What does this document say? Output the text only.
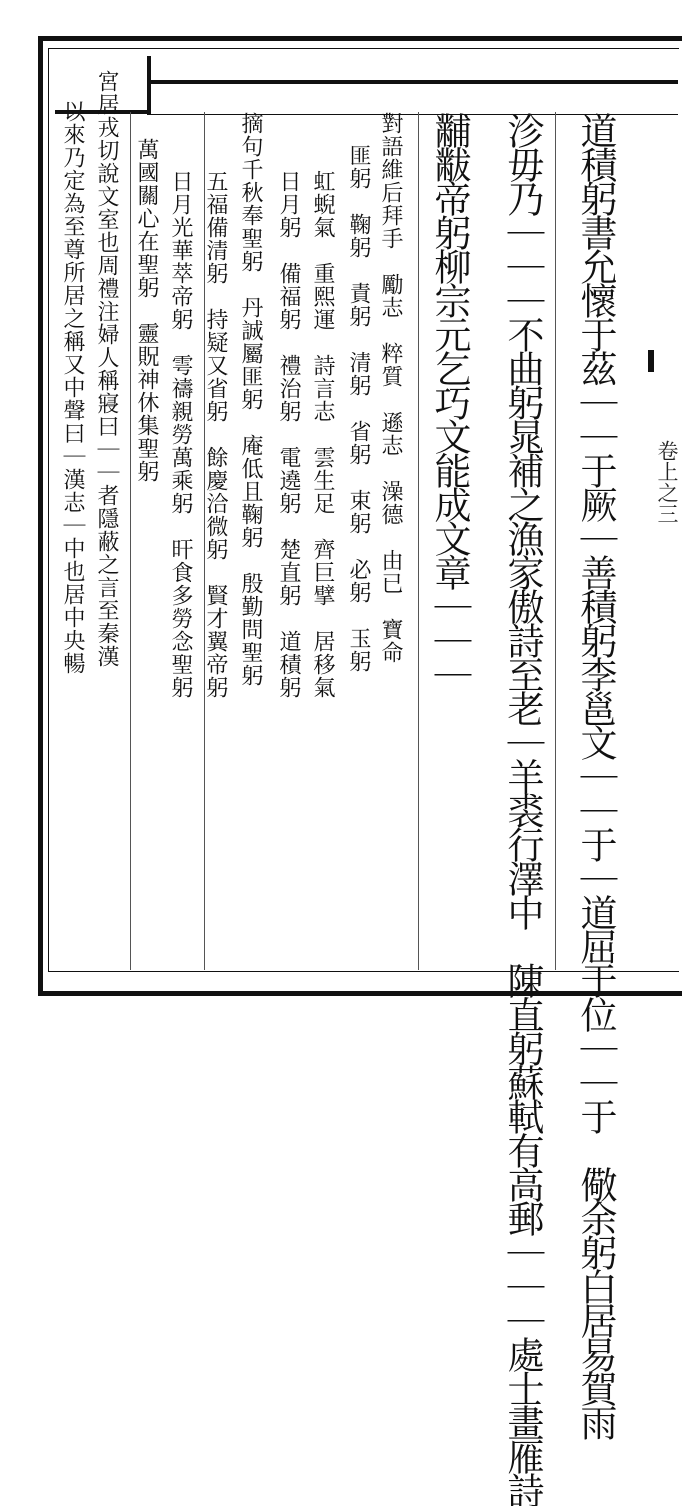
卷上之三
道積躬書允懷于茲｜｜于厥｜善積躬李邕文｜｜于｜道屈于位｜｜于　儆余躬白居易賀雨
沴毋乃｜｜｜不曲躬晁補之漁家傲詩至老｜羊裘行澤中　陳直躬蘇軾有高郵｜｜｜處士畫雁詩
黼黻帝躬柳宗元乞巧文能成文章｜｜｜
對語維后拜手　勵志　粹質　遜志　澡德　由已　寶命
匪躬　鞠躬　責躬　清躬　省躬　束躬　必躬　玉躬
虹蜺氣　重熙運　詩言志　雲生足　齊巨擘　居移氣
日月躬　備福躬　禮治躬　電遶躬　楚直躬　道積躬
摘句千秋奉聖躬　丹誠屬匪躬　庵低且鞠躬　殷勤問聖躬
五福備清躬　持疑又省躬　餘慶洽微躬　賢才翼帝躬
日月光華萃帝躬　雩禱親勞萬乘躬　旰食多勞念聖躬
萬國關心在聖躬　靈貺神休集聖躬
宮居戎切說文室也周禮注婦人稱寢曰｜｜者隱蔽之言至秦漢
以來乃定為至尊所居之稱又中聲曰｜漢志｜中也居中央暢
